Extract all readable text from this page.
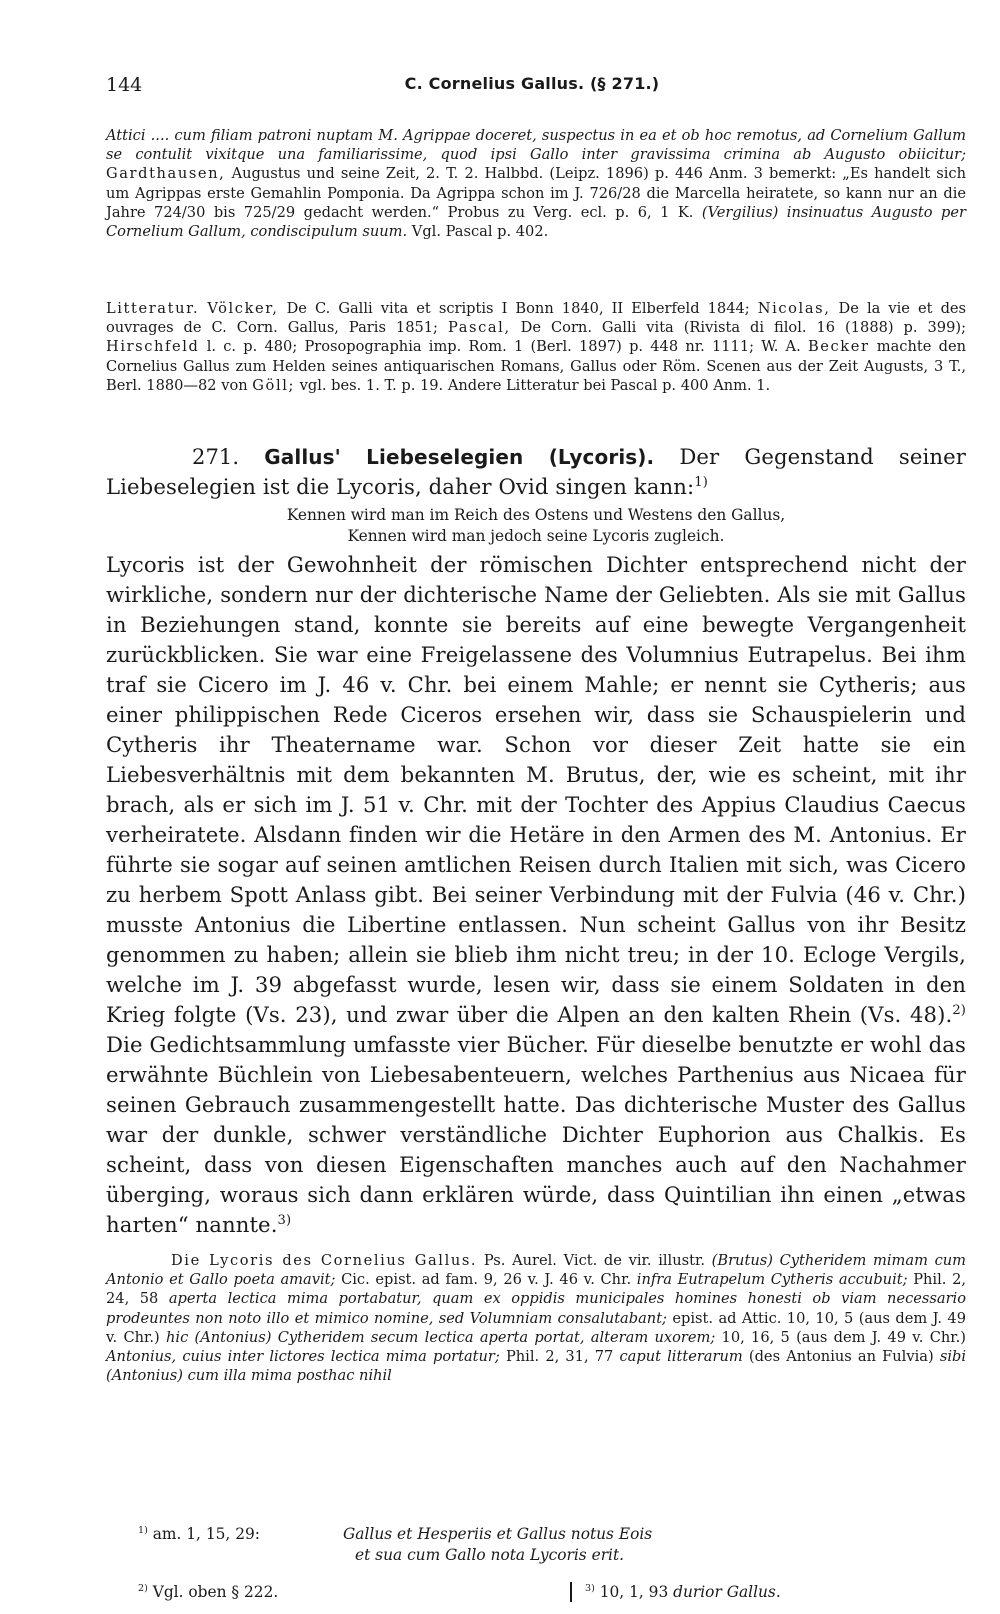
144	C. Cornelius Gallus. (§ 271.)
Attici .... cum filiam patroni nuptam M. Agrippae doceret, suspectus in ea et ob hoc remotus, ad Cornelium Gallum se contulit vixitque una familiarissime, quod ipsi Gallo inter gravissima crimina ab Augusto obiicitur; Gardthausen, Augustus und seine Zeit, 2. T. 2. Halbbd. (Leipz. 1896) p. 446 Anm. 3 bemerkt: „Es handelt sich um Agrippas erste Gemahlin Pomponia. Da Agrippa schon im J. 726/28 die Marcella heiratete, so kann nur an die Jahre 724/30 bis 725/29 gedacht werden.“ Probus zu Verg. ecl. p. 6, 1 K. (Vergilius) insinuatus Augusto per Cornelium Gallum, condiscipulum suum. Vgl. Pascal p. 402.
Litteratur. Völcker, De C. Galli vita et scriptis I Bonn 1840, II Elberfeld 1844; Nicolas, De la vie et des ouvrages de C. Corn. Gallus, Paris 1851; Pascal, De Corn. Galli vita (Rivista di filol. 16 (1888) p. 399); Hirschfeld l. c. p. 480; Prosopographia imp. Rom. 1 (Berl. 1897) p. 448 nr. 1111; W. A. Becker machte den Cornelius Gallus zum Helden seines antiquarischen Romans, Gallus oder Röm. Scenen aus der Zeit Augusts, 3 T., Berl. 1880—82 von Göll; vgl. bes. 1. T. p. 19. Andere Litteratur bei Pascal p. 400 Anm. 1.
271. Gallus' Liebeselegien (Lycoris). Der Gegenstand seiner Liebeselegien ist die Lycoris, daher Ovid singen kann:$^{1)}$
Kennen wird man im Reich des Ostens und Westens den Gallus,
Kennen wird man jedoch seine Lycoris zugleich.
Lycoris ist der Gewohnheit der römischen Dichter entsprechend nicht der wirkliche, sondern nur der dichterische Name der Geliebten. Als sie mit Gallus in Beziehungen stand, konnte sie bereits auf eine bewegte Vergangenheit zurückblicken. Sie war eine Freigelassene des Volumnius Eutrapelus. Bei ihm traf sie Cicero im J. 46 v. Chr. bei einem Mahle; er nennt sie Cytheris; aus einer philippischen Rede Ciceros ersehen wir, dass sie Schauspielerin und Cytheris ihr Theatername war. Schon vor dieser Zeit hatte sie ein Liebesverhältnis mit dem bekannten M. Brutus, der, wie es scheint, mit ihr brach, als er sich im J. 51 v. Chr. mit der Tochter des Appius Claudius Caecus verheiratete. Alsdann finden wir die Hetäre in den Armen des M. Antonius. Er führte sie sogar auf seinen amtlichen Reisen durch Italien mit sich, was Cicero zu herbem Spott Anlass gibt. Bei seiner Verbindung mit der Fulvia (46 v. Chr.) musste Antonius die Libertine entlassen. Nun scheint Gallus von ihr Besitz genommen zu haben; allein sie blieb ihm nicht treu; in der 10. Ecloge Vergils, welche im J. 39 abgefasst wurde, lesen wir, dass sie einem Soldaten in den Krieg folgte (Vs. 23), und zwar über die Alpen an den kalten Rhein (Vs. 48).$^{2)}$ Die Gedichtsammlung umfasste vier Bücher. Für dieselbe benutzte er wohl das erwähnte Büchlein von Liebesabenteuern, welches Parthenius aus Nicaea für seinen Gebrauch zusammengestellt hatte. Das dichterische Muster des Gallus war der dunkle, schwer verständliche Dichter Euphorion aus Chalkis. Es scheint, dass von diesen Eigenschaften manches auch auf den Nachahmer überging, woraus sich dann erklären würde, dass Quintilian ihn einen „etwas harten“ nannte.$^{3)}$
Die Lycoris des Cornelius Gallus. Ps. Aurel. Vict. de vir. illustr. (Brutus) Cytheridem mimam cum Antonio et Gallo poeta amavit; Cic. epist. ad fam. 9, 26 v. J. 46 v. Chr. infra Eutrapelum Cytheris accubuit; Phil. 2, 24, 58 aperta lectica mima portabatur, quam ex oppidis municipales homines honesti ob viam necessario prodeuntes non noto illo et mimico nomine, sed Volumniam consalutabant; epist. ad Attic. 10, 10, 5 (aus dem J. 49 v. Chr.) hic (Antonius) Cytheridem secum lectica aperta portat, alteram uxorem; 10, 16, 5 (aus dem J. 49 v. Chr.) Antonius, cuius inter lictores lectica mima portatur; Phil. 2, 31, 77 caput litterarum (des Antonius an Fulvia) sibi (Antonius) cum illa mima posthac nihil
$^{1)}$ am. 1, 15, 29:	Gallus et Hesperiis et Gallus notus Eois
et sua cum Gallo nota Lycoris erit.
$^{2)}$ Vgl. oben § 222.	$^{3)}$ 10, 1, 93 durior Gallus.
